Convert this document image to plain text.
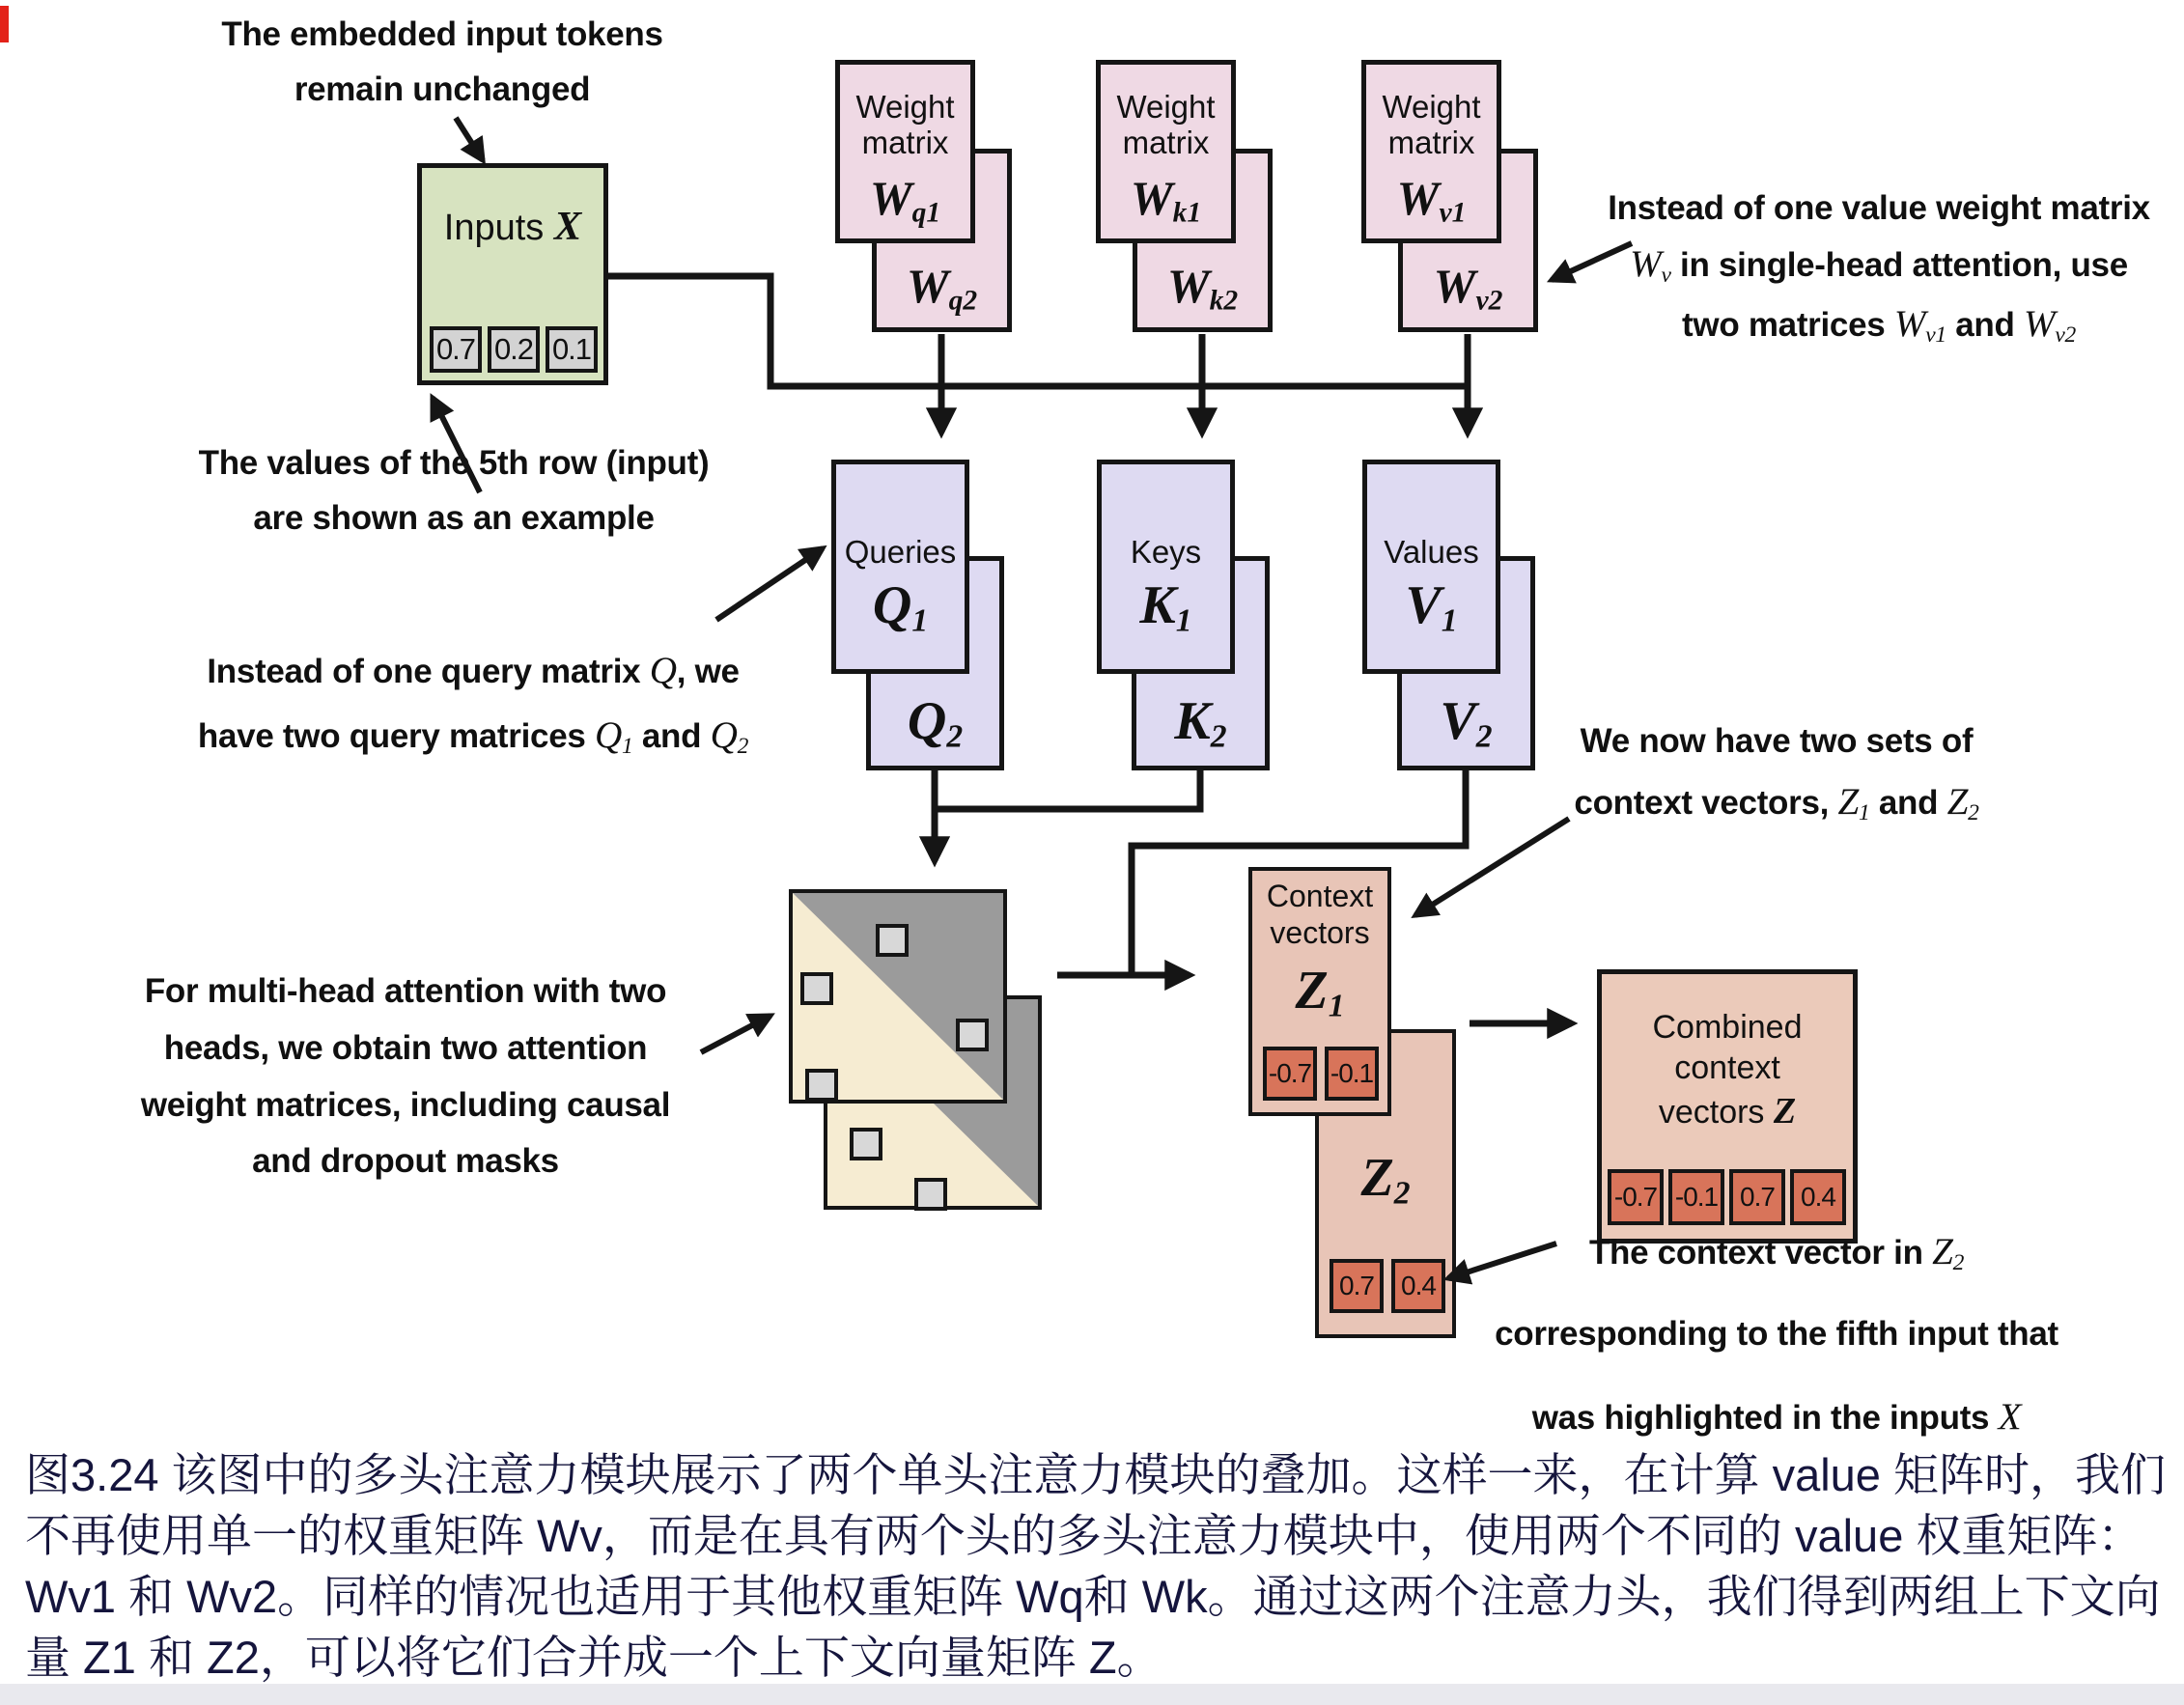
The embedded input tokens
remain unchanged
Inputs X
0.7 0.2 0.1
The values of the 5th row (input)
are shown as an example
$W_{q2}$
Weight
matrix
$W_{q1}$
$W_{k2}$
Weight
matrix
$W_{k1}$
$W_{v2}$
Weight
matrix
$W_{v1}$	Instead of one value weight matrix
$W_v$ in single-head attention, use
two matrices $W_{v1}$ and $W_{v2}$
$Q_2$
Queries
$Q_1$
$K_2$
Keys
$K_1$
$V_2$
Values
$V_1$
Instead of one query matrix Q, we
have two query matrices $Q_1$ and $Q_2$
For multi-head attention with two
heads, we obtain two attention
weight matrices, including causal
and dropout masks
We now have two sets of
context vectors, $Z_1$ and $Z_2$
$Z_2$
0.7	0.4
Context
vectors
$Z_1$
-0.7 -0.1
Combined
context
vectors Z
-0.7 -0.1 0.7 0.4
The context vector in $Z_2$
corresponding to the fifth input that
was highlighted in the inputs X
图3.24 该图中的多头注意力模块展示了两个单头注意力模块的叠加。这样一来，在计算 value 矩阵时，我们
不再使用单一的权重矩阵 Wv，而是在具有两个头的多头注意力模块中，使用两个不同的 value 权重矩阵：
Wv1 和 Wv2。同样的情况也适用于其他权重矩阵 Wq和 Wk。通过这两个注意力头，我们得到两组上下文向
量 Z1 和 Z2，可以将它们合并成一个上下文向量矩阵 Z。
